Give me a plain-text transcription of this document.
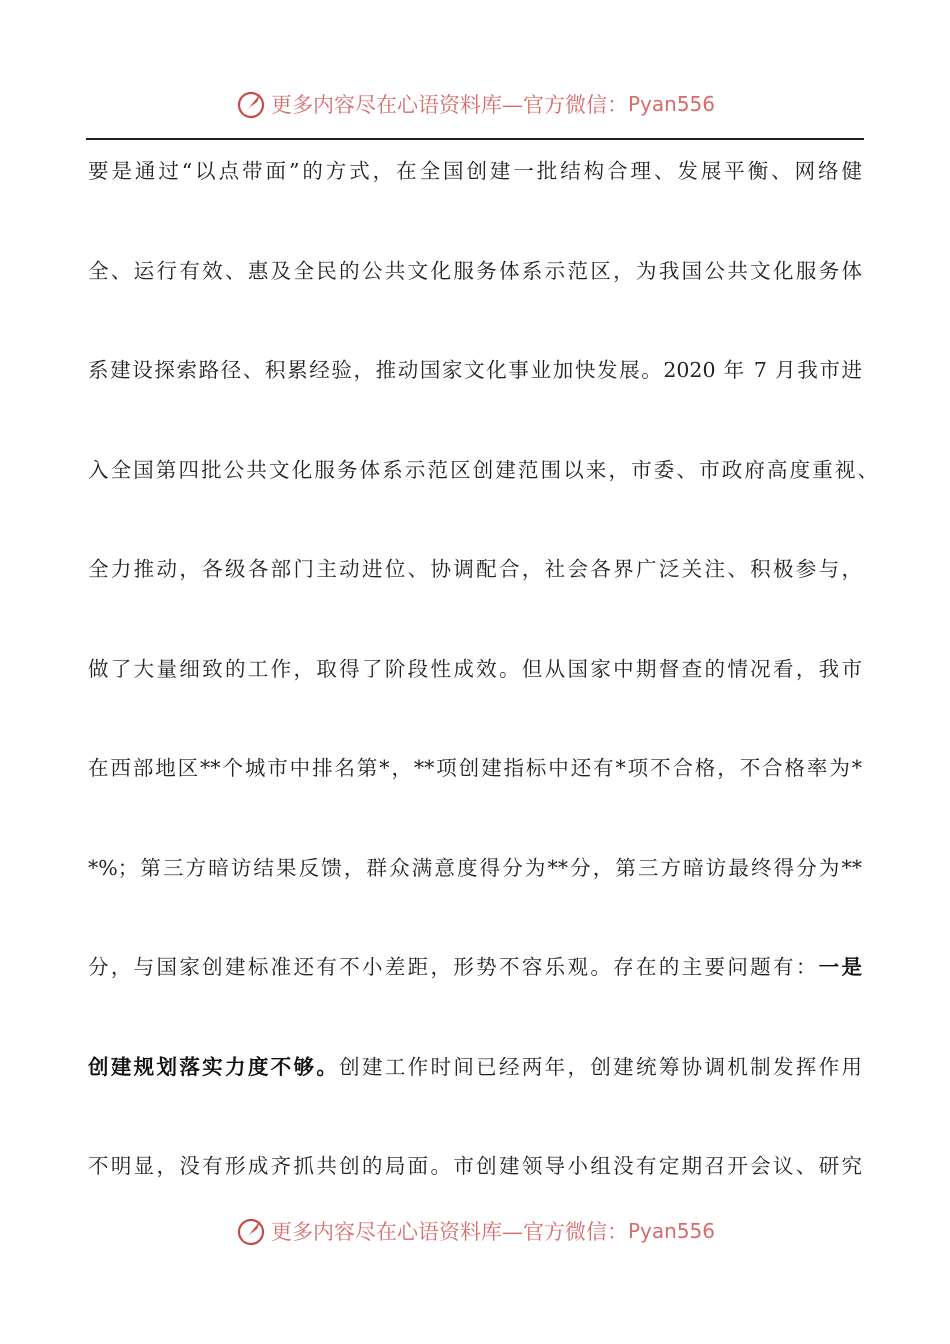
更多内容尽在心语资料库—官方微信： Pyan556
要是通过“以点带面”的方式，在全国创建一批结构合理、发展平衡、网络健
全、运行有效、惠及全民的公共文化服务体系示范区，为我国公共文化服务体
系建设探索路径、积累经验，推动国家文化事业加快发展。2020 年 7 月我市进
入全国第四批公共文化服务体系示范区创建范围以来，市委、市政府高度重视、
全力推动，各级各部门主动进位、协调配合，社会各界广泛关注、积极参与，
做了大量细致的工作，取得了阶段性成效。但从国家中期督查的情况看，我市
在西部地区**个城市中排名第*，**项创建指标中还有*项不合格，不合格率为*
*%；第三方暗访结果反馈，群众满意度得分为**分，第三方暗访最终得分为**
分，与国家创建标准还有不小差距，形势不容乐观。存在的主要问题有：一是
创建规划落实力度不够。创建工作时间已经两年，创建统筹协调机制发挥作用
不明显，没有形成齐抓共创的局面。市创建领导小组没有定期召开会议、研究
更多内容尽在心语资料库—官方微信： Pyan556
